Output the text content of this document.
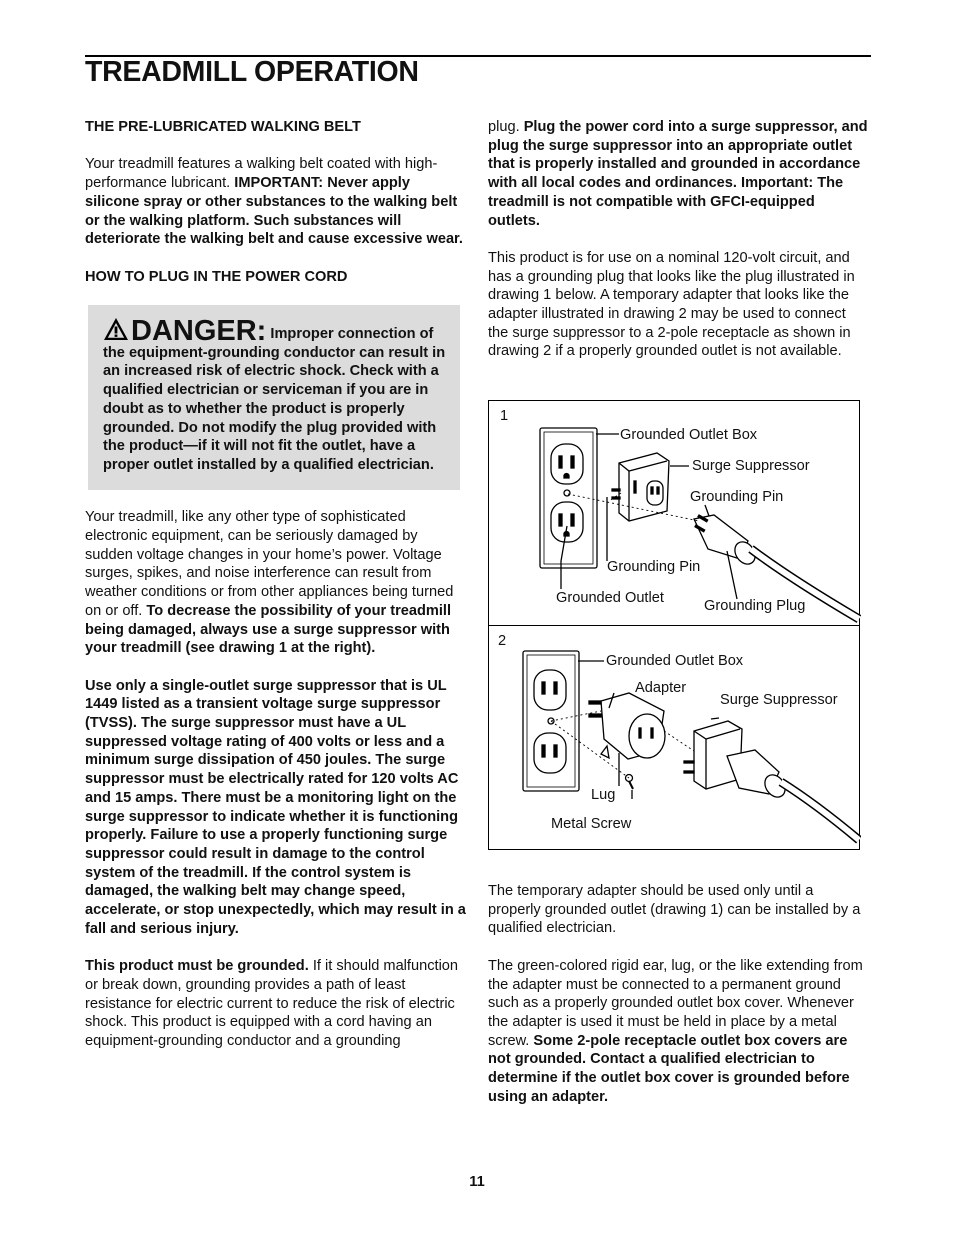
TREADMILL OPERATION
THE PRE-LUBRICATED WALKING BELT

Your treadmill features a walking belt coated with high-performance lubricant. IMPORTANT: Never apply silicone spray or other substances to the walking belt or the walking platform. Such substances will deteriorate the walking belt and cause excessive wear.

HOW TO PLUG IN THE POWER CORD
DANGER: Improper connection of the equipment-grounding conductor can result in an increased risk of electric shock. Check with a qualified electrician or serviceman if you are in doubt as to whether the product is properly grounded. Do not modify the plug provided with the product—if it will not fit the outlet, have a proper outlet installed by a qualified electrician.

Your treadmill, like any other type of sophisticated electronic equipment, can be seriously damaged by sudden voltage changes in your home’s power. Voltage surges, spikes, and noise interference can result from weather conditions or from other appliances being turned on or off. To decrease the possibility of your treadmill being damaged, always use a surge suppressor with your treadmill (see drawing 1 at the right).

Use only a single-outlet surge suppressor that is UL 1449 listed as a transient voltage surge suppressor (TVSS). The surge suppressor must have a UL suppressed voltage rating of 400 volts or less and a minimum surge dissipation of 450 joules. The surge suppressor must be electrically rated for 120 volts AC and 15 amps. There must be a monitoring light on the surge suppressor to indicate whether it is functioning properly. Failure to use a properly functioning surge suppressor could result in damage to the control system of the treadmill. If the control system is damaged, the walking belt may change speed, accelerate, or stop unexpectedly, which may result in a fall and serious injury.

This product must be grounded. If it should malfunction or break down, grounding provides a path of least resistance for electric current to reduce the risk of electric shock. This product is equipped with a cord having an equipment-grounding conductor and a grounding

plug. Plug the power cord into a surge suppressor, and plug the surge suppressor into an appropriate outlet that is properly installed and grounded in accordance with all local codes and ordinances. Important: The treadmill is not compatible with GFCI-equipped outlets.

This product is for use on a nominal 120-volt circuit, and has a grounding plug that looks like the plug illustrated in drawing 1 below. A temporary adapter that looks like the adapter illustrated in drawing 2 may be used to connect the surge suppressor to a 2-pole receptacle as shown in drawing 2 if a properly grounded outlet is not available.

1
Grounded Outlet Box
Surge Suppressor
Grounding Pin
Grounding Pin
Grounded Outlet	Grounding Plug
2
Grounded Outlet Box
Adapter
Surge Suppressor
Lug
Metal Screw

The temporary adapter should be used only until a properly grounded outlet (drawing 1) can be installed by a qualified electrician.

The green-colored rigid ear, lug, or the like extending from the adapter must be connected to a permanent ground such as a properly grounded outlet box cover. Whenever the adapter is used it must be held in place by a metal screw. Some 2-pole receptacle outlet box covers are not grounded. Contact a qualified electrician to determine if the outlet box cover is grounded before using an adapter.

11
